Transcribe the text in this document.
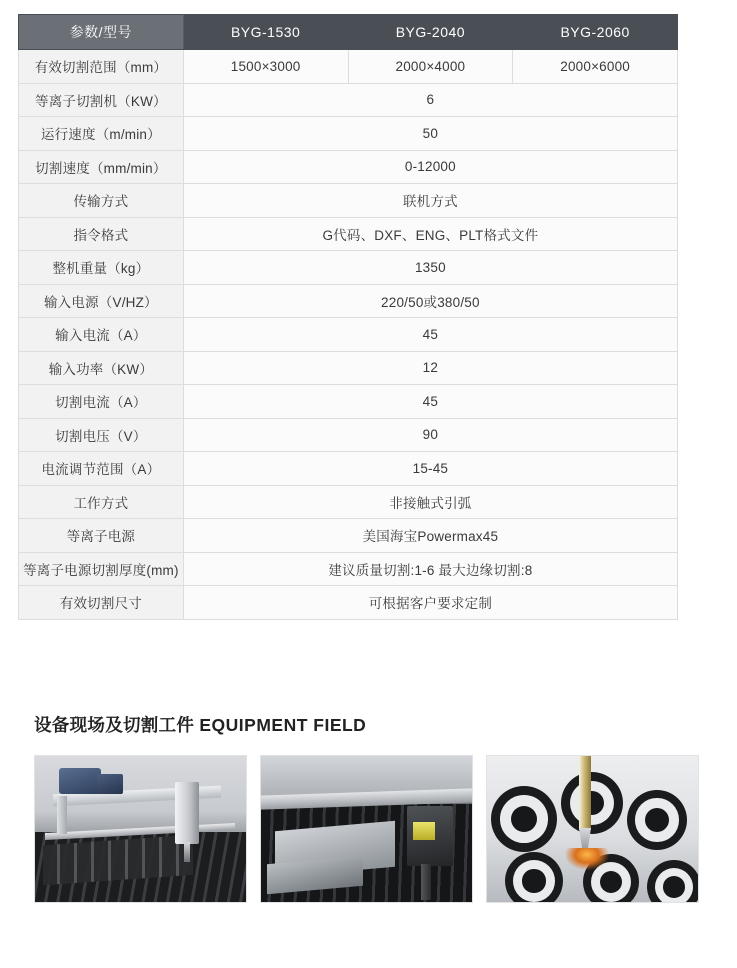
参数/型号	BYG-1530	BYG-2040	BYG-2060
有效切割范围（mm）	1500×3000	2000×4000	2000×6000
等离子切割机（KW）	6		
运行速度（m/min）	50		
切割速度（mm/min）	0-12000		
传输方式	联机方式		
指令格式	G代码、DXF、ENG、PLT格式文件		
整机重量（kg）	1350		
输入电源（V/HZ）	220/50或380/50		
输入电流（A）	45		
输入功率（KW）	12		
切割电流（A）	45		
切割电压（V）	90		
电流调节范围（A）	15-45		
工作方式	非接触式引弧		
等离子电源	美国海宝Powermax45		
等离子电源切割厚度(mm)	建议质量切割:1-6 最大边缘切割:8		
有效切割尺寸	可根据客户要求定制		
设备现场及切割工件 EQUIPMENT FIELD
